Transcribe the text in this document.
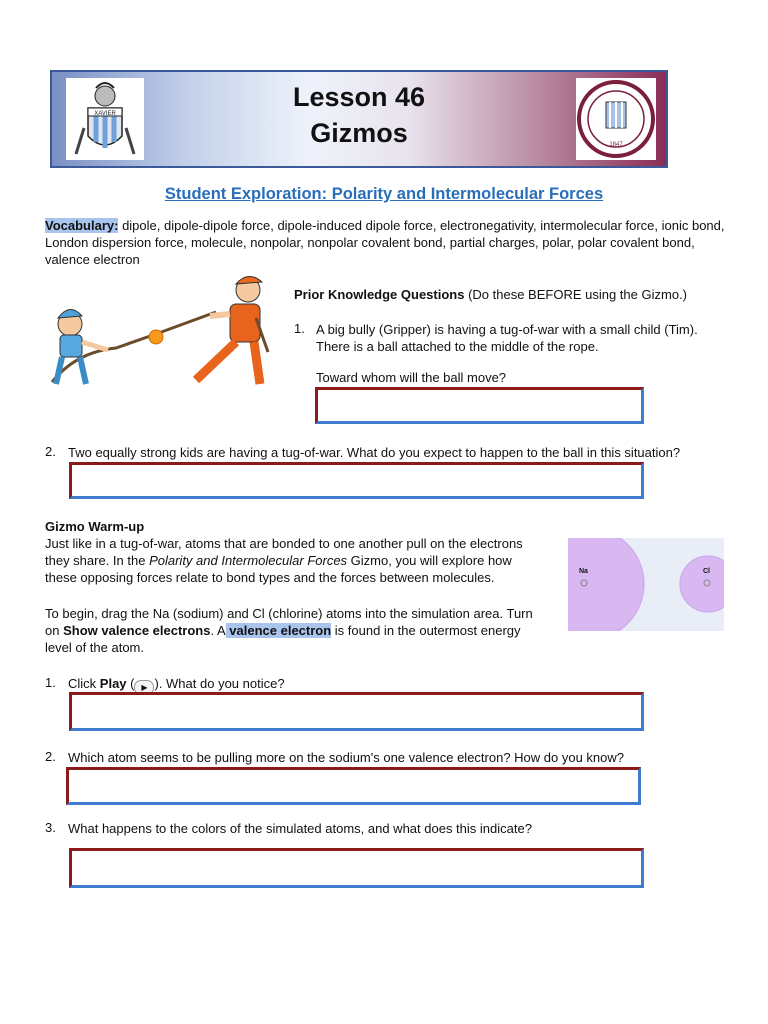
XAVIER
Lesson 46
Gizmos	1847
Student Exploration: Polarity and Intermolecular Forces
Vocabulary: dipole, dipole-dipole force, dipole-induced dipole force, electronegativity, intermolecular force, ionic bond, London dispersion force, molecule, nonpolar, nonpolar covalent bond, partial charges, polar, polar covalent bond, valence electron
Prior Knowledge Questions (Do these BEFORE using the Gizmo.)
1. A big bully (Gripper) is having a tug-of-war with a small child (Tim). There is a ball attached to the middle of the rope.
Toward whom will the ball move?
2. Two equally strong kids are having a tug-of-war. What do you expect to happen to the ball in this situation?
Gizmo Warm-up
Just like in a tug-of-war, atoms that are bonded to one another pull on the electrons they share. In the Polarity and Intermolecular Forces Gizmo, you will explore how these opposing forces relate to bond types and the forces between molecules.
To begin, drag the Na (sodium) and Cl (chlorine) atoms into the simulation area. Turn on Show valence electrons. A valence electron is found in the outermost energy level of the atom.
Na	Cl
1. Click Play ( ▶ ). What do you notice?
2. Which atom seems to be pulling more on the sodium's one valence electron? How do you know?
3. What happens to the colors of the simulated atoms, and what does this indicate?
